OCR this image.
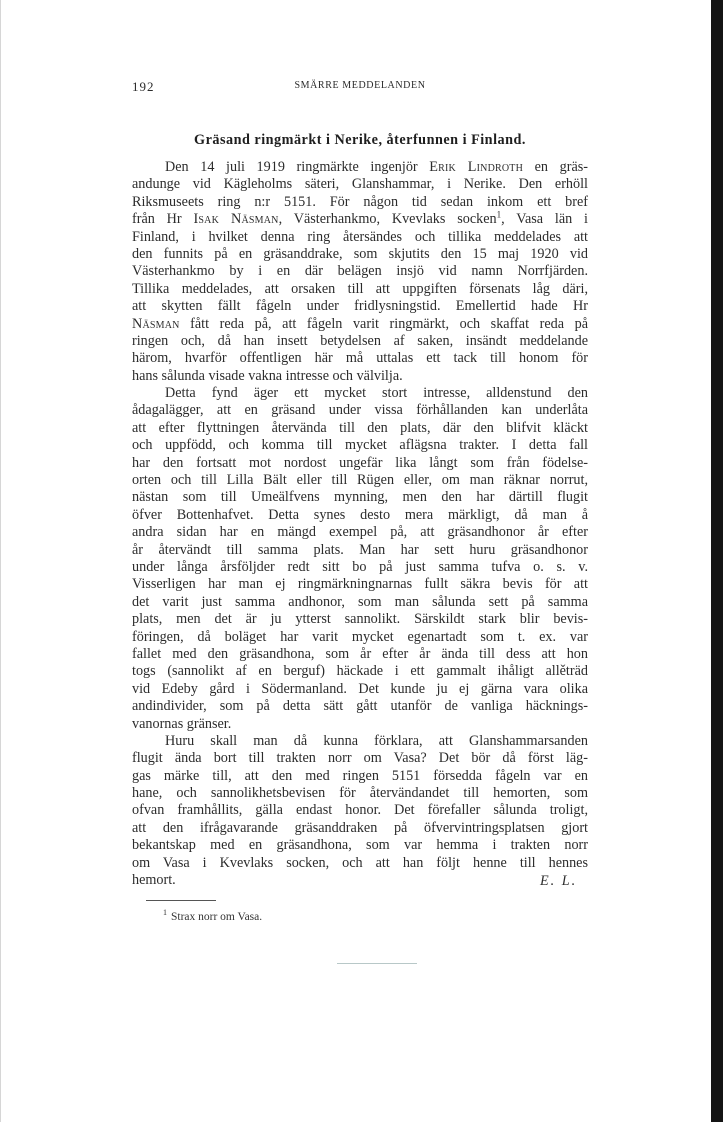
192	SMÄRRE MEDDELANDEN
Gräsand ringmärkt i Nerike, återfunnen i Finland.
Den 14 juli 1919 ringmärkte ingenjör Erik Lindroth en gräs-
andunge vid Kägleholms säteri, Glanshammar, i Nerike. Den erhöll
Riksmuseets ring n:r 5151. För någon tid sedan inkom ett bref
från Hr Isak Näsman, Västerhankmo, Kvevlaks socken$^1$, Vasa län i
Finland, i hvilket denna ring återsändes och tillika meddelades att
den funnits på en gräsanddrake, som skjutits den 15 maj 1920 vid
Västerhankmo by i en där belägen insjö vid namn Norrfjärden.
Tillika meddelades, att orsaken till att uppgiften försenats låg däri,
att skytten fällt fågeln under fridlysningstid. Emellertid hade Hr
Näsman fått reda på, att fågeln varit ringmärkt, och skaffat reda på
ringen och, då han insett betydelsen af saken, insändt meddelande
härom, hvarför offentligen här må uttalas ett tack till honom för
hans sålunda visade vakna intresse och välvilja.
Detta fynd äger ett mycket stort intresse, alldenstund den
ådagalägger, att en gräsand under vissa förhållanden kan underlåta
att efter flyttningen återvända till den plats, där den blifvit kläckt
och uppfödd, och komma till mycket aflägsna trakter. I detta fall
har den fortsatt mot nordost ungefär lika långt som från födelse-
orten och till Lilla Bält eller till Rügen eller, om man räknar norrut,
nästan som till Umeälfvens mynning, men den har därtill flugit
öfver Bottenhafvet. Detta synes desto mera märkligt, då man å
andra sidan har en mängd exempel på, att gräsandhonor år efter
år återvändt till samma plats. Man har sett huru gräsandhonor
under långa årsföljder redt sitt bo på just samma tufva o. s. v.
Visserligen har man ej ringmärkningnarnas fullt säkra bevis för att
det varit just samma andhonor, som man sålunda sett på samma
plats, men det är ju ytterst sannolikt. Särskildt stark blir bevis-
föringen, då boläget har varit mycket egenartadt som t. ex. var
fallet med den gräsandhona, som år efter år ända till dess att hon
togs (sannolikt af en berguf) häckade i ett gammalt ihåligt allěträd
vid Edeby gård i Södermanland. Det kunde ju ej gärna vara olika
andindivider, som på detta sätt gått utanför de vanliga häcknings-
vanornas gränser.
Huru skall man då kunna förklara, att Glanshammarsanden
flugit ända bort till trakten norr om Vasa? Det bör då först läg-
gas märke till, att den med ringen 5151 försedda fågeln var en
hane, och sannolikhetsbevisen för återvändandet till hemorten, som
ofvan framhållits, gälla endast honor. Det förefaller sålunda troligt,
att den ifrågavarande gräsanddraken på öfvervintringsplatsen gjort
bekantskap med en gräsandhona, som var hemma i trakten norr
om Vasa i Kvevlaks socken, och att han följt henne till hennes
hemort.	E. L.
$^1$ Strax norr om Vasa.
